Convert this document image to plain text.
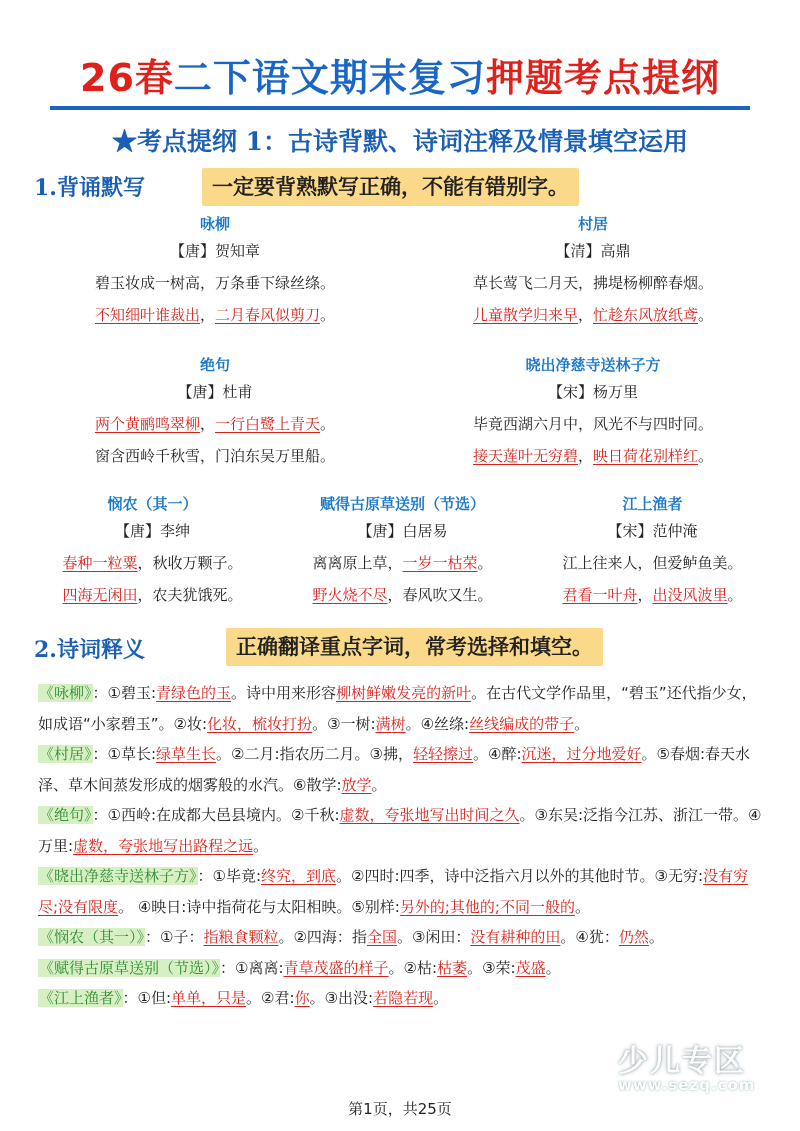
26春二下语文期末复习押题考点提纲
★考点提纲 1：古诗背默、诗词注释及情景填空运用
1.背诵默写	一定要背熟默写正确，不能有错别字。
咏柳
【唐】贺知章
碧玉妆成一树高，万条垂下绿丝绦。
不知细叶谁裁出，二月春风似剪刀。
村居
【清】高鼎
草长莺飞二月天，拂堤杨柳醉春烟。
儿童散学归来早，忙趁东风放纸鸢。
绝句
【唐】杜甫
两个黄鹂鸣翠柳，一行白鹭上青天。
窗含西岭千秋雪，门泊东吴万里船。
晓出净慈寺送林子方
【宋】杨万里
毕竟西湖六月中，风光不与四时同。
接天莲叶无穷碧，映日荷花别样红。
悯农（其一）
【唐】李绅
春种一粒粟，秋收万颗子。
四海无闲田，农夫犹饿死。
赋得古原草送别（节选）
【唐】白居易
离离原上草，一岁一枯荣。
野火烧不尽，春风吹又生。
江上渔者
【宋】范仲淹
江上往来人，但爱鲈鱼美。
君看一叶舟，出没风波里。
2.诗词释义	正确翻译重点字词，常考选择和填空。

《咏柳》：①碧玉:青绿色的玉。诗中用来形容柳树鲜嫩发亮的新叶。在古代文学作品里，“碧玉”还代指少女，如成语“小家碧玉”。②妆:化妆，梳妆打扮。③一树:满树。④丝绦:丝线编成的带子。

《村居》：①草长:绿草生长。②二月:指农历二月。③拂，轻轻擦过。④醉:沉迷，过分地爱好。⑤春烟:春天水泽、草木间蒸发形成的烟雾般的水汽。⑥散学:放学。

《绝句》：①西岭:在成都大邑县境内。②千秋:虚数，夸张地写出时间之久。③东吴:泛指今江苏、浙江一带。④万里:虚数，夸张地写出路程之远。

《晓出净慈寺送林子方》：①毕竟:终究，到底。②四时:四季，诗中泛指六月以外的其他时节。③无穷:没有穷尽;没有限度。 ④映日:诗中指荷花与太阳相映。⑤别样:另外的;其他的;不同一般的。

《悯农（其一）》：①子：指粮食颗粒。②四海：指全国。③闲田：没有耕种的田。④犹：仍然。

《赋得古原草送别（节选）》：①离离:青草茂盛的样子。②枯:枯萎。③荣:茂盛。

《江上渔者》：①但:单单，只是。②君:你。③出没:若隐若现。

少儿专区
www.sezq.com
第1页，共25页
